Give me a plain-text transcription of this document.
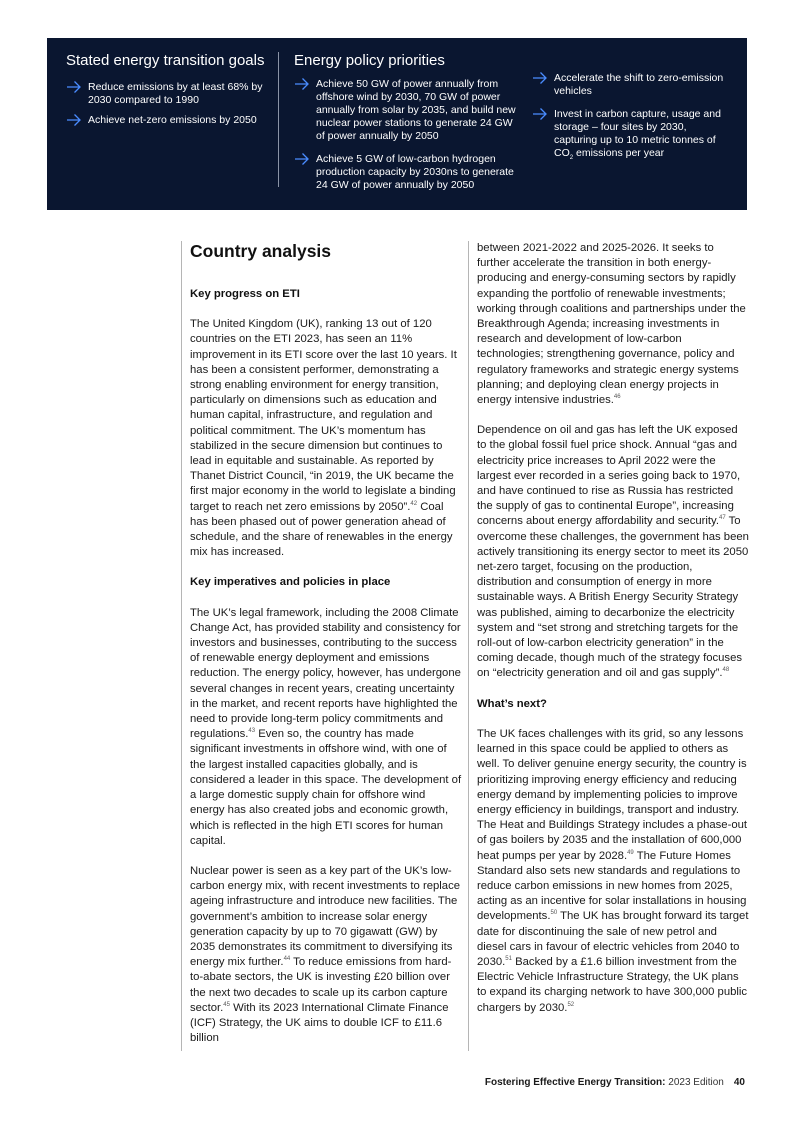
Stated energy transition goals

Reduce emissions by at least 68% by 2030 compared to 1990

Achieve net-zero emissions by 2050

Energy policy priorities

Achieve 50 GW of power annually from offshore wind by 2030, 70 GW of power annually from solar by 2035, and build new nuclear power stations to generate 24 GW of power annually by 2050

Achieve 5 GW of low-carbon hydrogen production capacity by 2030ns to generate 24 GW of power annually by 2050

Accelerate the shift to zero-emission vehicles

Invest in carbon capture, usage and storage – four sites by 2030, capturing up to 10 metric tonnes of $CO_2$ emissions per year

Country analysis
Key progress on ETI

The United Kingdom (UK), ranking 13 out of 120 countries on the ETI 2023, has seen an 11% improvement in its ETI score over the last 10 years. It has been a consistent performer, demonstrating a strong enabling environment for energy transition, particularly on dimensions such as education and human capital, infrastructure, and regulation and political commitment. The UK’s momentum has stabilized in the secure dimension but continues to lead in equitable and sustainable. As reported by Thanet District Council, “in 2019, the UK became the first major economy in the world to legislate a binding target to reach net zero emissions by 2050”.$^{42}$ Coal has been phased out of power generation ahead of schedule, and the share of renewables in the energy mix has increased.

Key imperatives and policies in place

The UK’s legal framework, including the 2008 Climate Change Act, has provided stability and consistency for investors and businesses, contributing to the success of renewable energy deployment and emissions reduction. The energy policy, however, has undergone several changes in recent years, creating uncertainty in the market, and recent reports have highlighted the need to provide long-term policy commitments and regulations.$^{43}$ Even so, the country has made significant investments in offshore wind, with one of the largest installed capacities globally, and is considered a leader in this space. The development of a large domestic supply chain for offshore wind energy has also created jobs and economic growth, which is reflected in the high ETI scores for human capital.

Nuclear power is seen as a key part of the UK’s low-carbon energy mix, with recent investments to replace ageing infrastructure and introduce new facilities. The government’s ambition to increase solar energy generation capacity by up to 70 gigawatt (GW) by 2035 demonstrates its commitment to diversifying its energy mix further.$^{44}$ To reduce emissions from hard-to-abate sectors, the UK is investing £20 billion over the next two decades to scale up its carbon capture sector.$^{45}$ With its 2023 International Climate Finance (ICF) Strategy, the UK aims to double ICF to £11.6 billion

between 2021-2022 and 2025-2026. It seeks to further accelerate the transition in both energy-producing and energy-consuming sectors by rapidly expanding the portfolio of renewable investments; working through coalitions and partnerships under the Breakthrough Agenda; increasing investments in research and development of low-carbon technologies; strengthening governance, policy and regulatory frameworks and strategic energy systems planning; and deploying clean energy projects in energy intensive industries.$^{46}$

Dependence on oil and gas has left the UK exposed to the global fossil fuel price shock. Annual “gas and electricity price increases to April 2022 were the largest ever recorded in a series going back to 1970, and have continued to rise as Russia has restricted the supply of gas to continental Europe”, increasing concerns about energy affordability and security.$^{47}$ To overcome these challenges, the government has been actively transitioning its energy sector to meet its 2050 net-zero target, focusing on the production, distribution and consumption of energy in more sustainable ways. A British Energy Security Strategy was published, aiming to decarbonize the electricity system and “set strong and stretching targets for the roll-out of low-carbon electricity generation” in the coming decade, though much of the strategy focuses on “electricity generation and oil and gas supply”.$^{48}$

What’s next?

The UK faces challenges with its grid, so any lessons learned in this space could be applied to others as well. To deliver genuine energy security, the country is prioritizing improving energy efficiency and reducing energy demand by implementing policies to improve energy efficiency in buildings, transport and industry. The Heat and Buildings Strategy includes a phase-out of gas boilers by 2035 and the installation of 600,000 heat pumps per year by 2028.49 The Future Homes Standard also sets new standards and regulations to reduce carbon emissions in new homes from 2025, acting as an incentive for solar installations in housing developments.$^{50}$ The UK has brought forward its target date for discontinuing the sale of new petrol and diesel cars in favour of electric vehicles from 2040 to 2030.51 Backed by a £1.6 billion investment from the Electric Vehicle Infrastructure Strategy, the UK plans to expand its charging network to have 300,000 public chargers by 2030.52

Fostering Effective Energy Transition: 2023 Edition 40
